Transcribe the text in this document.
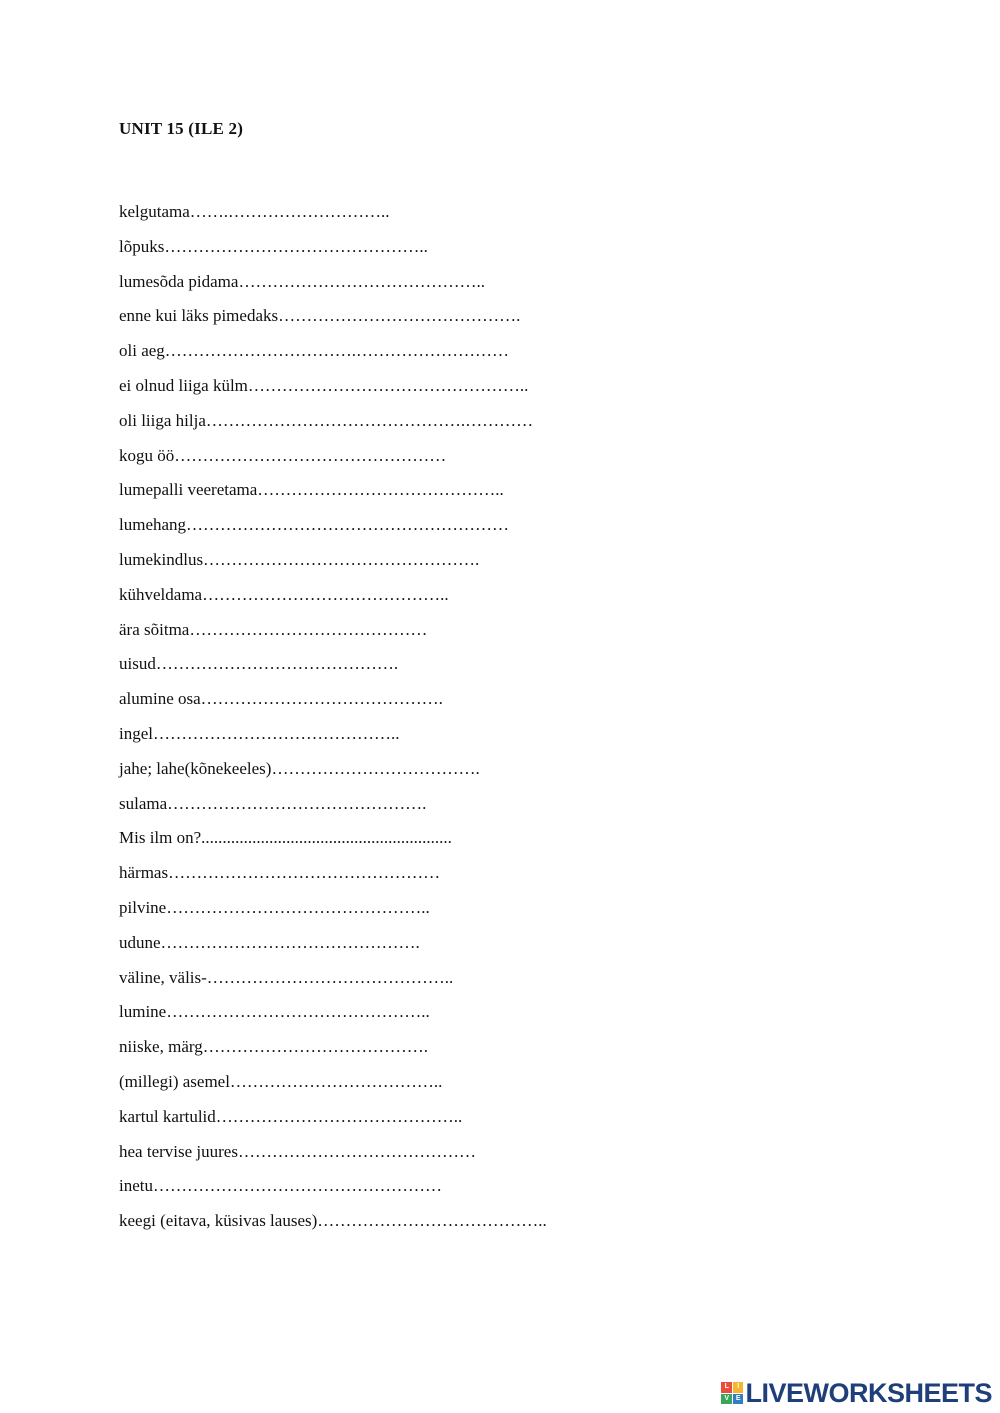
UNIT 15 (ILE 2)
kelgutama…….………………………..
lõpuks………………………………………..
lumesõda pidama……………………………………..
enne kui läks pimedaks…………………………………….
oli aeg…………………………….………………………
ei olnud liiga külm…………………………………………..
oli liiga hilja……………………………………….…………
kogu öö…………………………………………
lumepalli veeretama……………………………………..
lumehang…………………………………………………
lumekindlus………………………………………….
kühveldama……………………………………..
ära sõitma……………………………………
uisud…………………………………….
alumine osa…………………………………….
ingel……………………………………..
jahe; lahe(kõnekeeles)……………………………….
sulama……………………………………….
Mis ilm on?...........................................................
härmas…………………………………………
pilvine………………………………………..
udune……………………………………….
väline, välis-……………………………………..
lumine………………………………………..
niiske, märg………………………………….
(millegi) asemel………………………………..
kartul kartulid……………………………………..
hea tervise juures……………………………………
inetu……………………………………………
keegi (eitava, küsivas lauses)…………………………………..
L	I
V E LIVEWORKSHEETS
